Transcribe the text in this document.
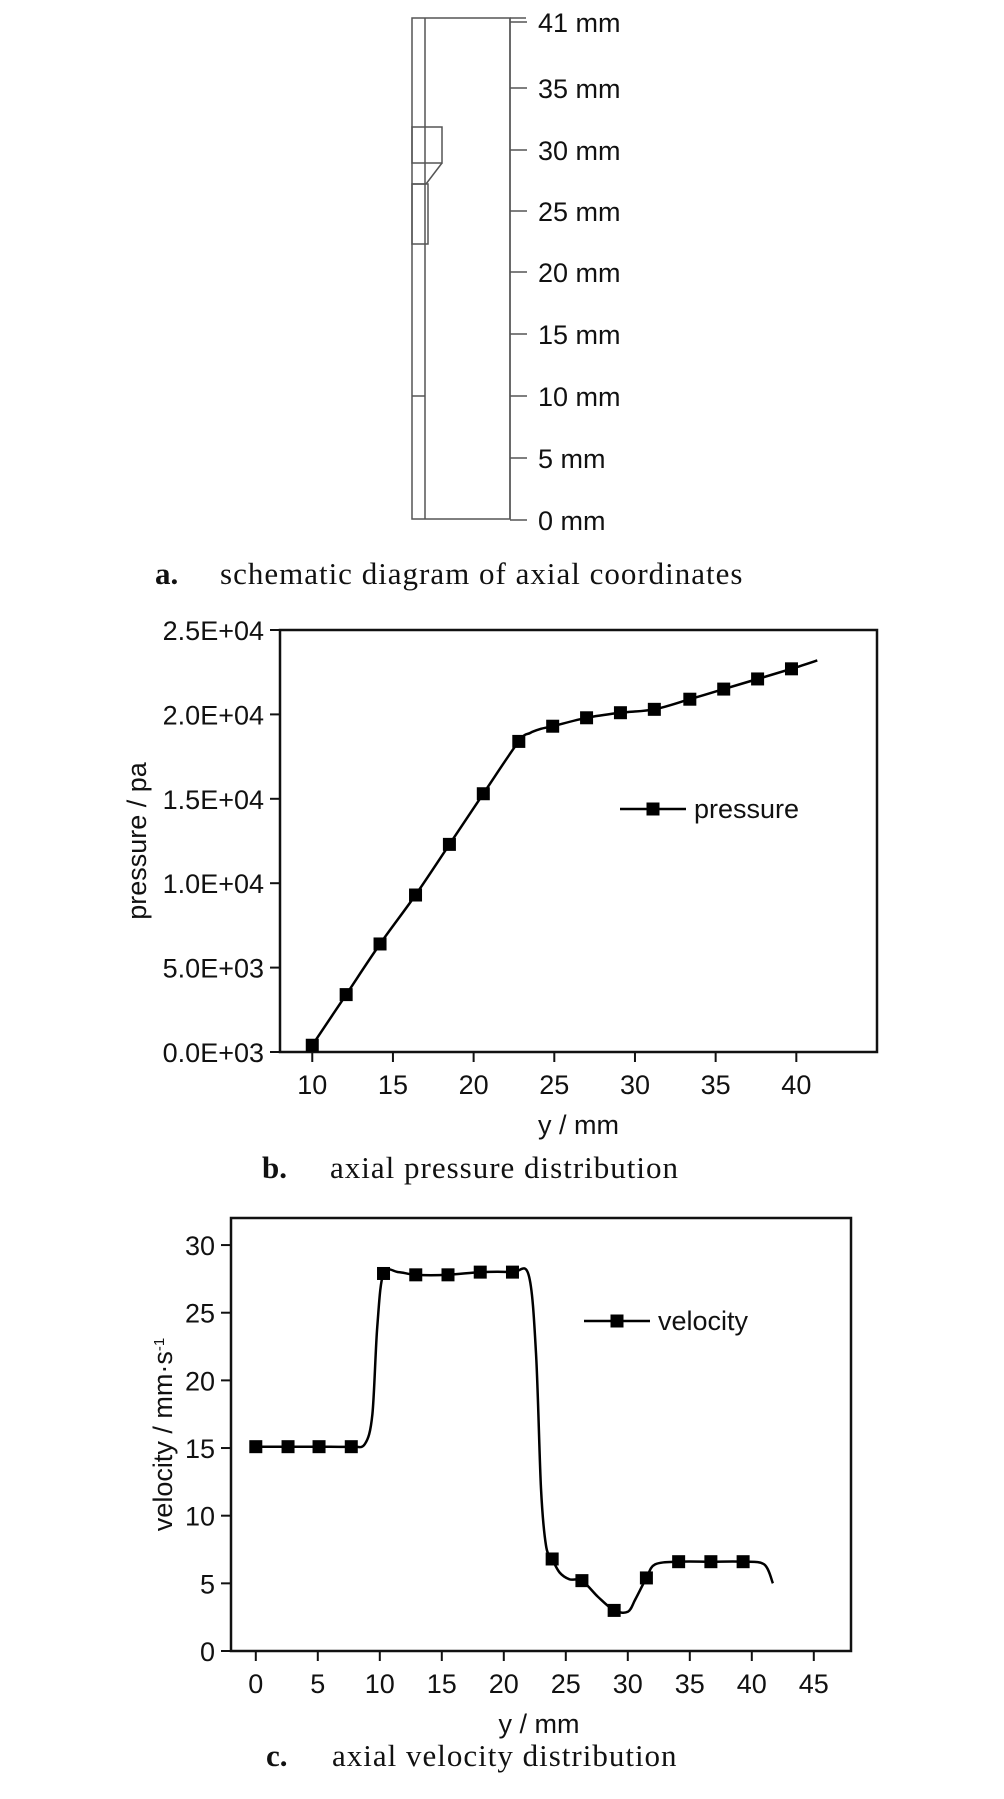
41 mm
35 mm
30 mm
25 mm
20 mm
15 mm
10 mm
5 mm
0 mm
a. schematic diagram of axial coordinates
10 15 20 25 30 35 40
0.0E+03
5.0E+03
1.0E+04
1.5E+04
2.0E+04
2.5E+04
y / mm
pressure / pa	pressure
b. axial pressure distribution
0 5 10 15 20 25 30 35 40 45
0
5
10
15
20
25
30
y / mm
velocity / $mm\cdot s^{-1}$
velocity
c. axial velocity distribution
